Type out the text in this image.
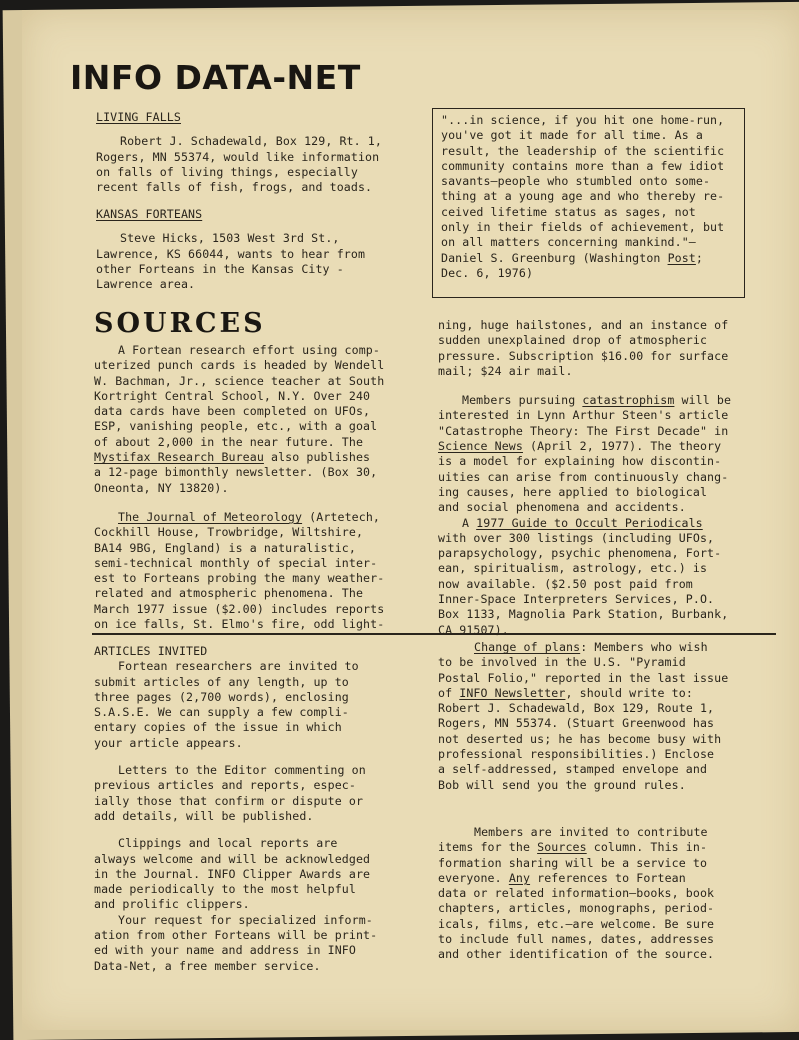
INFO DATA-NET

LIVING FALLS

Robert J. Schadewald, Box 129, Rt. 1,

Rogers, MN 55374, would like information

on falls of living things, especially

recent falls of fish, frogs, and toads.

KANSAS FORTEANS

Steve Hicks, 1503 West 3rd St.,

Lawrence, KS 66044, wants to hear from

other Forteans in the Kansas City -

Lawrence area.

"...in science, if you hit one home-run,

you've got it made for all time. As a

result, the leadership of the scientific

community contains more than a few idiot

savants—people who stumbled onto some-

thing at a young age and who thereby re-

ceived lifetime status as sages, not

only in their fields of achievement, but

on all matters concerning mankind."—

Daniel S. Greenburg (Washington Post;

Dec. 6, 1976)

SOURCES

A Fortean research effort using comp-

uterized punch cards is headed by Wendell

W. Bachman, Jr., science teacher at South

Kortright Central School, N.Y. Over 240

data cards have been completed on UFOs,

ESP, vanishing people, etc., with a goal

of about 2,000 in the near future. The

Mystifax Research Bureau also publishes

a 12-page bimonthly newsletter. (Box 30,

Oneonta, NY 13820).

The Journal of Meteorology (Artetech,

Cockhill House, Trowbridge, Wiltshire,

BA14 9BG, England) is a naturalistic,

semi-technical monthly of special inter-

est to Forteans probing the many weather-

related and atmospheric phenomena. The

March 1977 issue ($2.00) includes reports

on ice falls, St. Elmo's fire, odd light-

ning, huge hailstones, and an instance of

sudden unexplained drop of atmospheric

pressure. Subscription $16.00 for surface

mail; $24 air mail.

Members pursuing catastrophism will be

interested in Lynn Arthur Steen's article

"Catastrophe Theory: The First Decade" in

Science News (April 2, 1977). The theory

is a model for explaining how discontin-

uities can arise from continuously chang-

ing causes, here applied to biological

and social phenomena and accidents.

A 1977 Guide to Occult Periodicals

with over 300 listings (including UFOs,

parapsychology, psychic phenomena, Fort-

ean, spiritualism, astrology, etc.) is

now available. ($2.50 post paid from

Inner-Space Interpreters Services, P.O.

Box 1133, Magnolia Park Station, Burbank,

CA 91507).

ARTICLES INVITED

Fortean researchers are invited to

submit articles of any length, up to

three pages (2,700 words), enclosing

S.A.S.E. We can supply a few compli-

entary copies of the issue in which

your article appears.

Letters to the Editor commenting on

previous articles and reports, espec-

ially those that confirm or dispute or

add details, will be published.

Clippings and local reports are

always welcome and will be acknowledged

in the Journal. INFO Clipper Awards are

made periodically to the most helpful

and prolific clippers.

Your request for specialized inform-

ation from other Forteans will be print-

ed with your name and address in INFO

Data-Net, a free member service.

Change of plans: Members who wish

to be involved in the U.S. "Pyramid

Postal Folio," reported in the last issue

of INFO Newsletter, should write to:

Robert J. Schadewald, Box 129, Route 1,

Rogers, MN 55374. (Stuart Greenwood has

not deserted us; he has become busy with

professional responsibilities.) Enclose

a self-addressed, stamped envelope and

Bob will send you the ground rules.

Members are invited to contribute

items for the Sources column. This in-

formation sharing will be a service to

everyone. Any references to Fortean

data or related information—books, book

chapters, articles, monographs, period-

icals, films, etc.—are welcome. Be sure

to include full names, dates, addresses

and other identification of the source.
